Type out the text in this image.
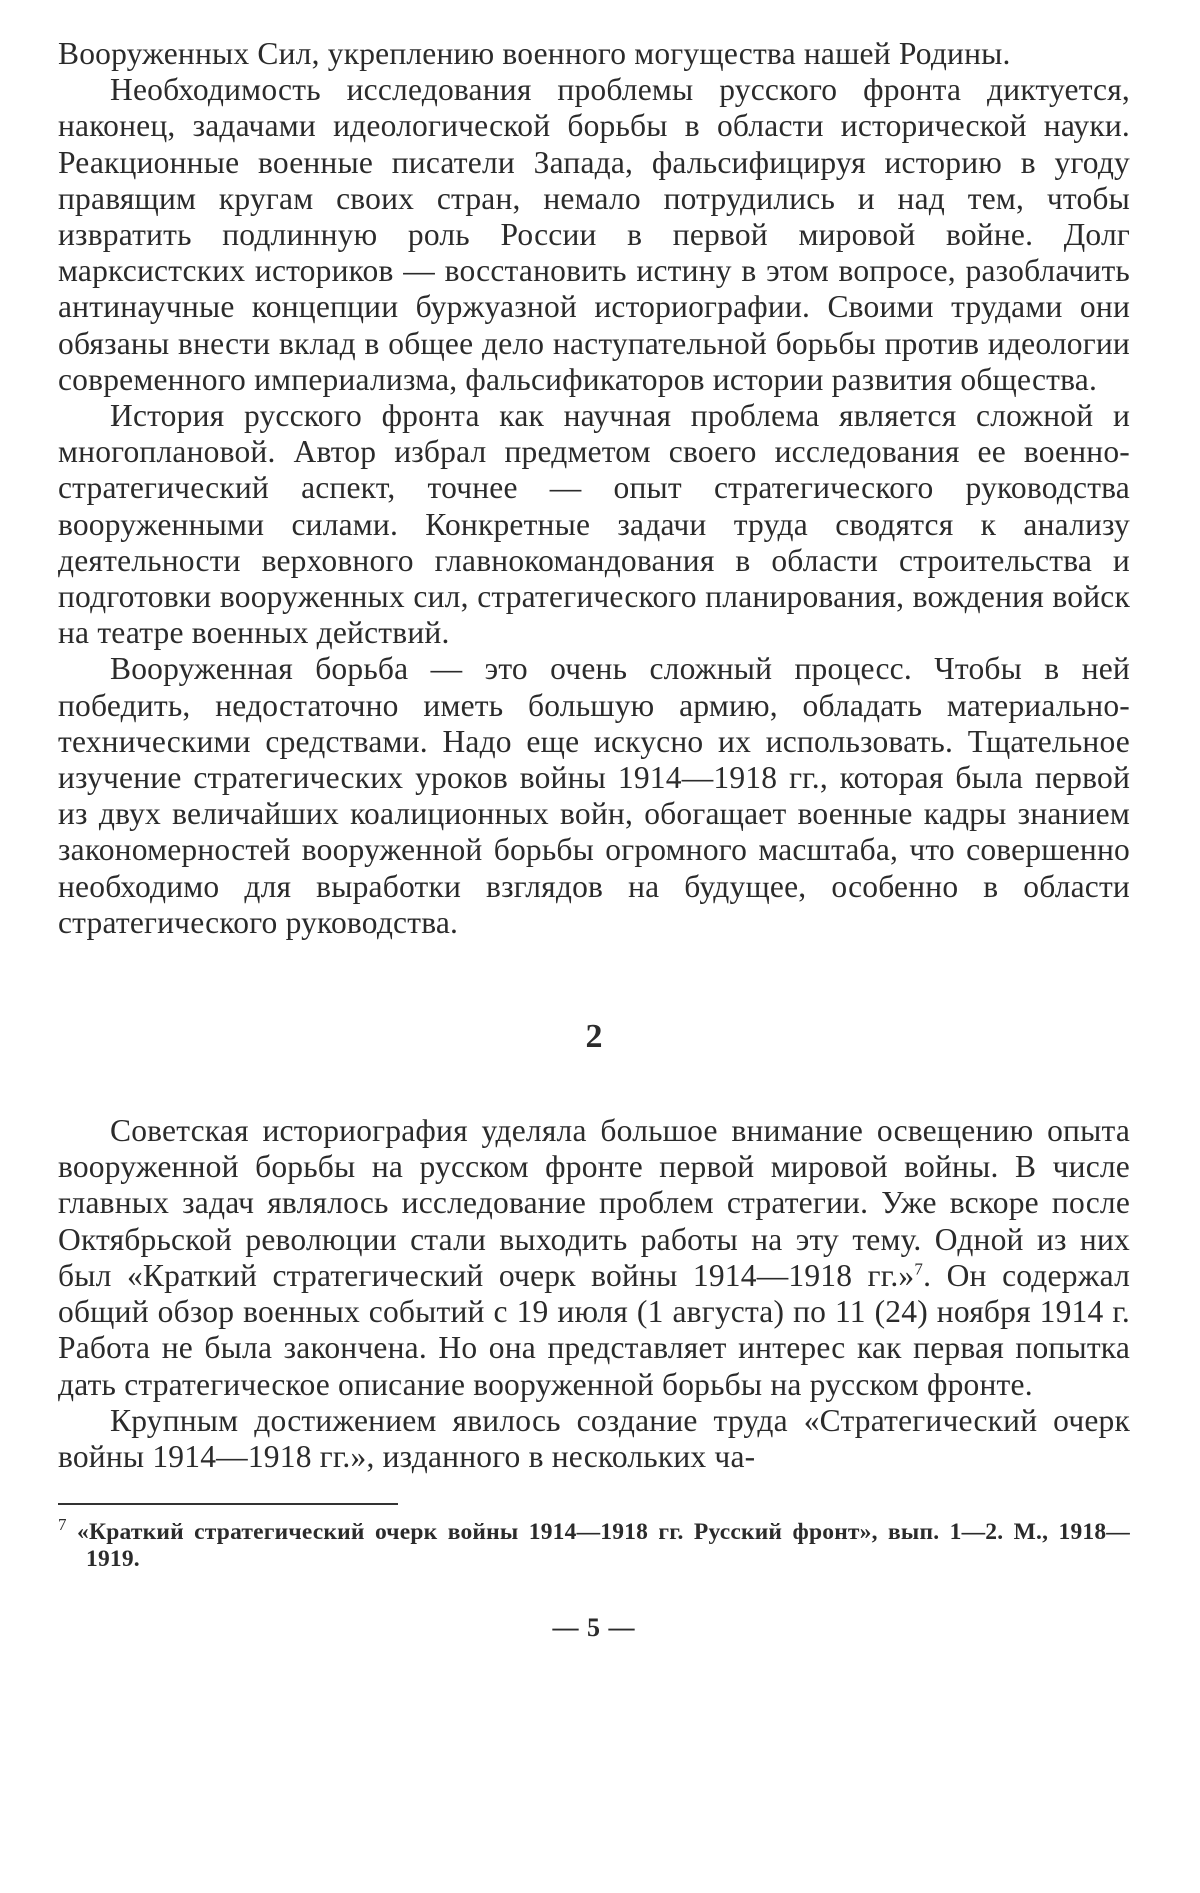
Вооруженных Сил, укреплению военного могущества нашей Родины.

Необходимость исследования проблемы русского фронта диктуется, наконец, задачами идеологической борьбы в области исторической науки. Реакционные военные писатели Запада, фальсифицируя историю в угоду правящим кругам своих стран, немало потрудились и над тем, чтобы извратить подлинную роль России в первой мировой войне. Долг марксистских историков — восстановить истину в этом вопросе, разоблачить антинаучные концепции буржуазной историографии. Своими трудами они обязаны внести вклад в общее дело наступательной борьбы против идеологии современного империализма, фальсификаторов истории развития общества.

История русского фронта как научная проблема является сложной и многоплановой. Автор избрал предметом своего исследования ее военно-стратегический аспект, точнее — опыт стратегического руководства вооруженными силами. Конкретные задачи труда сводятся к анализу деятельности верховного главнокомандования в области строительства и подготовки вооруженных сил, стратегического планирования, вождения войск на театре военных действий.

Вооруженная борьба — это очень сложный процесс. Чтобы в ней победить, недостаточно иметь большую армию, обладать материально-техническими средствами. Надо еще искусно их использовать. Тщательное изучение стратегических уроков войны 1914—1918 гг., которая была первой из двух величайших коалиционных войн, обогащает военные кадры знанием закономерностей вооруженной борьбы огромного масштаба, что совершенно необходимо для выработки взглядов на будущее, особенно в области стратегического руководства.

2

Советская историография уделяла большое внимание освещению опыта вооруженной борьбы на русском фронте первой мировой войны. В числе главных задач являлось исследование проблем стратегии. Уже вскоре после Октябрьской революции стали выходить работы на эту тему. Одной из них был «Краткий стратегический очерк войны 1914—1918 гг.»$^7$. Он содержал общий обзор военных событий с 19 июля (1 августа) по 11 (24) ноября 1914 г. Работа не была закончена. Но она представляет интерес как первая попытка дать стратегическое описание вооруженной борьбы на русском фронте.

Крупным достижением явилось создание труда «Стратегический очерк войны 1914—1918 гг.», изданного в нескольких ча-

$^7$ «Краткий стратегический очерк войны 1914—1918 гг. Русский фронт», вып. 1—2. М., 1918—1919.
— 5 —
